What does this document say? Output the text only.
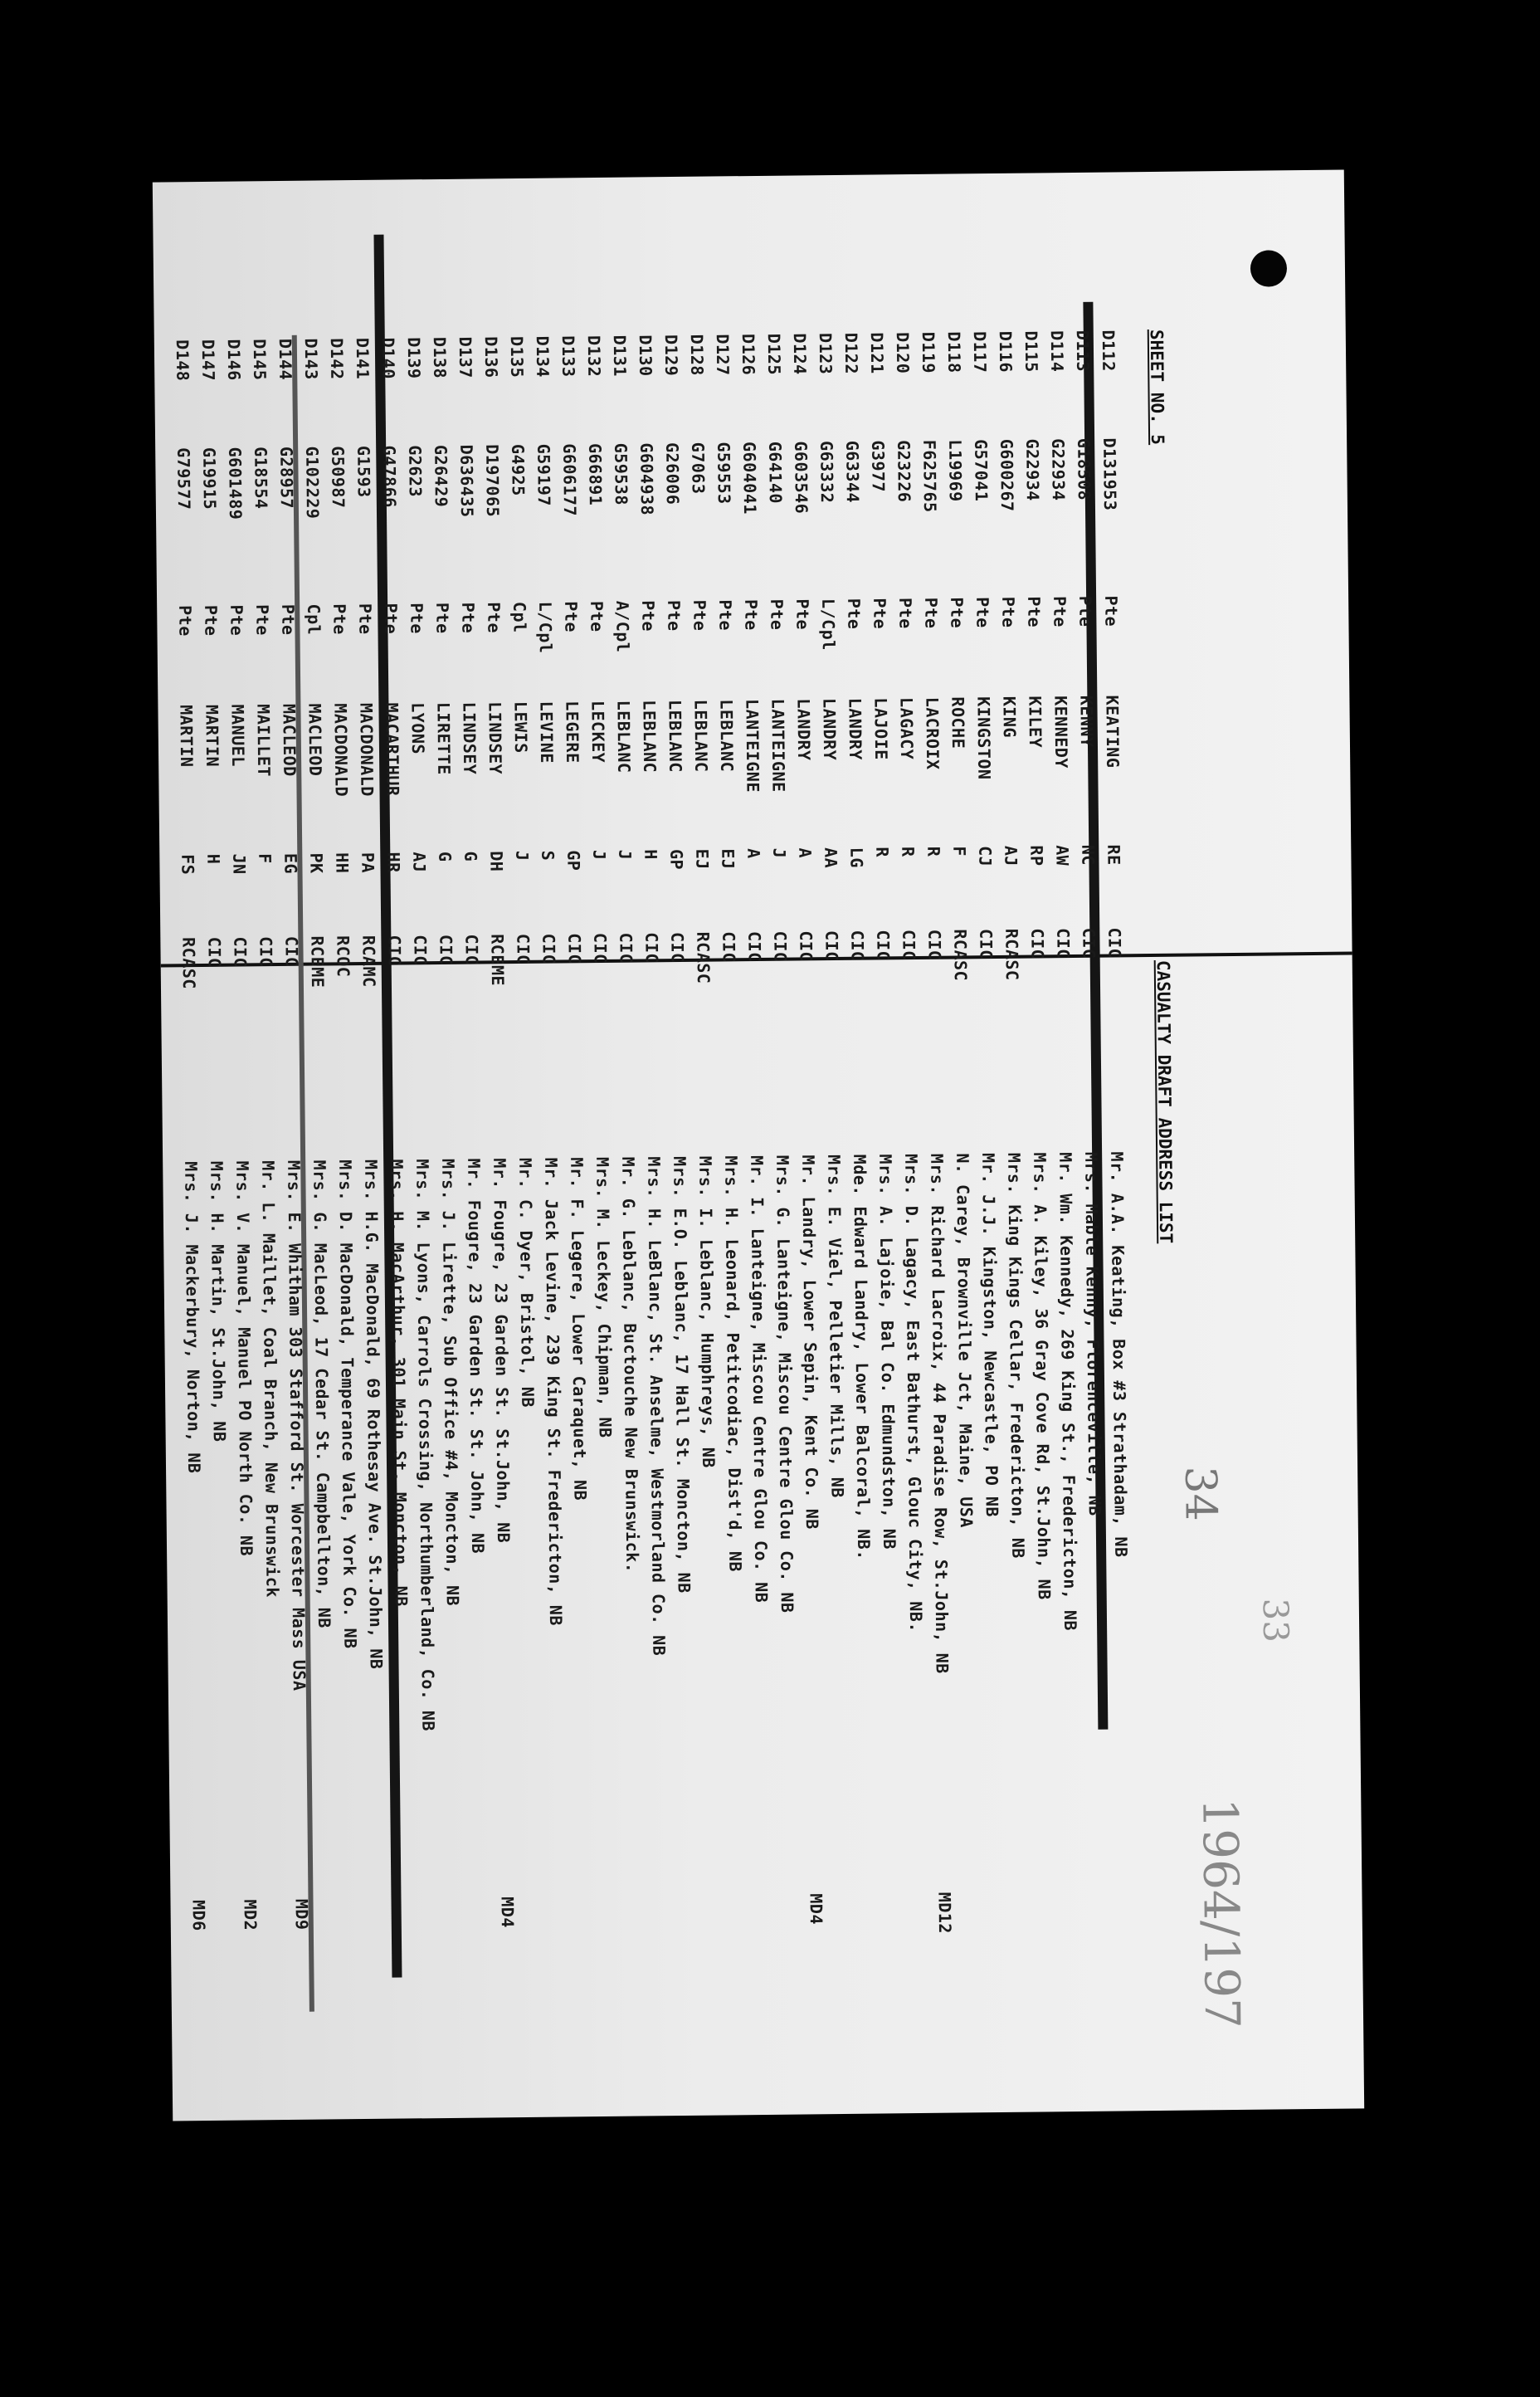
SHEET NO. 5
CASUALTY DRAFT ADDRESS LIST
D112
D131953
Pte
KEATING
RE
CIC
Mr. A.A. Keating, Box #3 Strathadam, NB
D113
G18508
Pte
KENNY
NC
CIC
Mrs. Mable Kenny, Florenceville, NB
D114
G22934
Pte
KENNEDY
AW
CIC
Mr. Wm. Kennedy, 269 King St., Fredericton, NB
D115
G22934
Pte
KILEY
RP
CIC
Mrs. A. Kiley, 36 Gray Cove Rd, St.John, NB
D116
G600267
Pte
KING
AJ
RCASC
Mrs. King Kings Cellar, Fredericton, NB
D117
G57041
Pte
KINGSTON
CJ
CIC
Mr. J.J. Kingston, Newcastle, PO NB
D118
L19969
Pte
ROCHE
F
RCASC
N. Carey, Brownville Jct, Maine, USA
D119
F625765
Pte
LACROIX
R
CIC
Mrs. Richard Lacroix, 44 Paradise Row, St.John, NB
MD12
D120
G23226
Pte
LAGACY
R
CIC
Mrs. D. Lagacy, East Bathurst, Glouc City, NB.
D121
G3977
Pte
LAJOIE
R
CIC
Mrs. A. Lajoie, Bal Co. Edmundston, NB
D122
G63344
Pte
LANDRY
LG
CIC
Mde. Edward Landry, Lower Balcoral, NB.
D123
G63332
L/Cpl
LANDRY
AA
CIC
Mrs. E. Viel, Pelletier Mills, NB
D124
G603546
Pte
LANDRY
A
CIC
Mr. Landry, Lower Sepin, Kent Co. NB
MD4
D125
G64140
Pte
LANTEIGNE
J
CIC
Mrs. G. Lanteigne, Miscou Centre Glou Co. NB
D126
G604041
Pte
LANTEIGNE
A
CIC
Mr. I. Lanteigne, Miscou Centre Glou Co. NB
D127
G59553
Pte
LEBLANC
EJ
CIC
Mrs. H. Leonard, Petitcodiac, Dist'd, NB
D128
G7063
Pte
LEBLANC
EJ
RCASC
Mrs. I. Leblanc, Humphreys, NB
D129
G26006
Pte
LEBLANC
GP
CIC
Mrs. E.O. Leblanc, 17 Hall St. Moncton, NB
D130
G604938
Pte
LEBLANC
H
CIC
Mrs. H. LeBlanc, St. Anselme, Westmorland Co. NB
D131
G59538
A/Cpl
LEBLANC
J
CIC
Mr. G. Leblanc, Buctouche New Brunswick.
D132
G66891
Pte
LECKEY
J
CIC
Mrs. M. Leckey, Chipman, NB
D133
G606177
Pte
LEGERE
GP
CIC
Mr. F. Legere, Lower Caraquet, NB
D134
G59197
L/Cpl
LEVINE
S
CIC
Mr. Jack Levine, 239 King St. Fredericton, NB
D135
G4925
Cpl
LEWIS
J
CIC
Mr. C. Dyer, Bristol, NB
D136
D197065
Pte
LINDSEY
DH
RCEME
Mr. Fougre, 23 Garden St. St.John, NB
MD4
D137
D636435
Pte
LINDSEY
G
CIC
Mr. Fougre, 23 Garden St. St. John, NB
D138
G26429
Pte
LIRETTE
G
CIC
Mrs. J. Lirette, Sub Office #4, Moncton, NB
D139
G2623
Pte
LYONS
AJ
CIC
Mrs. M. Lyons, Carrols Crossing, Northumberland, Co. NB
D140
G47866
Pte
MACARTHUR
HR
CIC
Mrs. H. MacArthur, 301 Main St. Moncton, NB
D141
G1593
Pte
MACDONALD
PA
RCAMC
Mrs. H.G. MacDonald, 69 Rothesay Ave. St.John, NB
D142
G50987
Pte
MACDONALD
HH
RCOC
Mrs. D. MacDonald, Temperance Vale, York Co. NB
D143
G102229
Cpl
MACLEOD
PK
RCEME
Mrs. G. MacLeod, 17 Cedar St. Campbellton, NB
D144
G28957
Pte
MACLEOD
EG
CIC
Mrs. E. Whitham 303 Stafford St. Worcester Mass USA
MD9
D145
G18554
Pte
MAILLET
F
CIC
Mr. L. Maillet, Coal Branch, New Brunswick
D146
G601489
Pte
MANUEL
JN
CIC
Mrs. V. Manuel, Manuel PO North Co. NB
MD2
D147
G19915
Pte
MARTIN
H
CIC
Mrs. H. Martin, St.John, NB
D148
G79577
Pte
MARTIN
FS
RCASC
Mrs. J. Mackerbury, Norton, NB
MD6
34
33
1964/197
